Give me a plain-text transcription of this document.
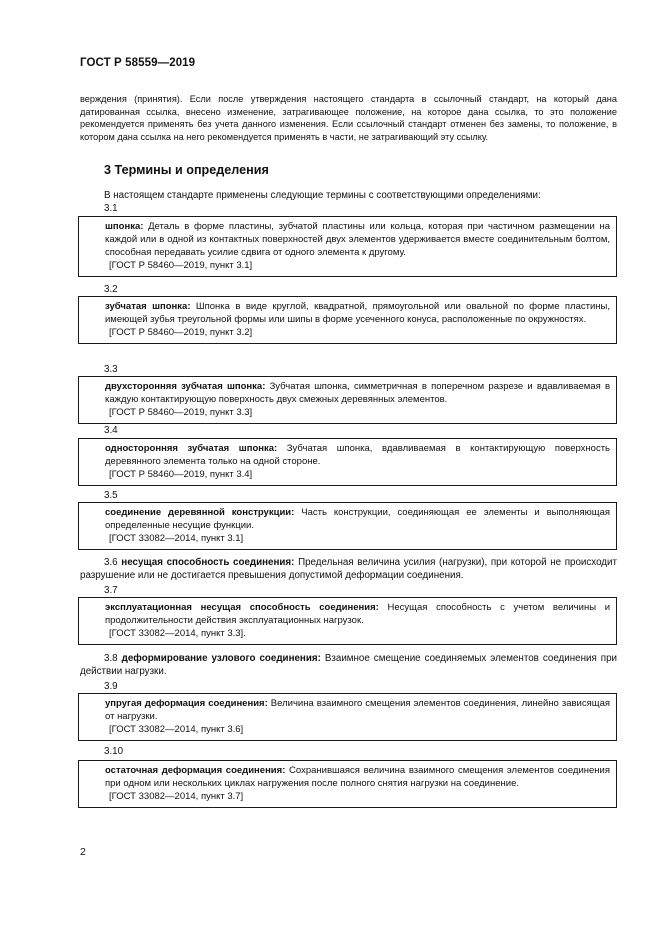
ГОСТ Р 58559—2019
верждения (принятия). Если после утверждения настоящего стандарта в ссылочный стандарт, на который дана датированная ссылка, внесено изменение, затрагивающее положение, на которое дана ссылка, то это положение рекомендуется применять без учета данного изменения. Если ссылочный стандарт отменен без замены, то положение, в котором дана ссылка на него рекомендуется применять в части, не затрагивающий эту ссылку.
3 Термины и определения
В настоящем стандарте применены следующие термины с соответствующими определениями:
3.1
шпонка: Деталь в форме пластины, зубчатой пластины или кольца, которая при частичном размещении на каждой или в одной из контактных поверхностей двух элементов удерживается вместе соединительным болтом, способная передавать усилие сдвига от одного элемента к другому.
[ГОСТ Р 58460—2019, пункт 3.1]
3.2
зубчатая шпонка: Шпонка в виде круглой, квадратной, прямоугольной или овальной по форме пластины, имеющей зубья треугольной формы или шипы в форме усеченного конуса, расположенные по окружностях.
[ГОСТ Р 58460—2019, пункт 3.2]
3.3
двухсторонняя зубчатая шпонка: Зубчатая шпонка, симметричная в поперечном разрезе и вдавливаемая в каждую контактирующую поверхность двух смежных деревянных элементов.
[ГОСТ Р 58460—2019, пункт 3.3]
3.4
односторонняя зубчатая шпонка: Зубчатая шпонка, вдавливаемая в контактирующую поверхность деревянного элемента только на одной стороне.
[ГОСТ Р 58460—2019, пункт 3.4]
3.5
соединение деревянной конструкции: Часть конструкции, соединяющая ее элементы и выполняющая определенные несущие функции.
[ГОСТ 33082—2014, пункт 3.1]
3.6 несущая способность соединения: Предельная величина усилия (нагрузки), при которой не происходит разрушение или не достигается превышения допустимой деформации соединения.
3.7
эксплуатационная несущая способность соединения: Несущая способность с учетом величины и продолжительности действия эксплуатационных нагрузок.
[ГОСТ 33082—2014, пункт 3.3].
3.8 деформирование узлового соединения: Взаимное смещение соединяемых элементов соединения при действии нагрузки.
3.9
упругая деформация соединения: Величина взаимного смещения элементов соединения, линейно зависящая от нагрузки.
[ГОСТ 33082—2014, пункт 3.6]
3.10
остаточная деформация соединения: Сохранившаяся величина взаимного смещения элементов соединения при одном или нескольких циклах нагружения после полного снятия нагрузки на соединение.
[ГОСТ 33082—2014, пункт 3.7]
2
